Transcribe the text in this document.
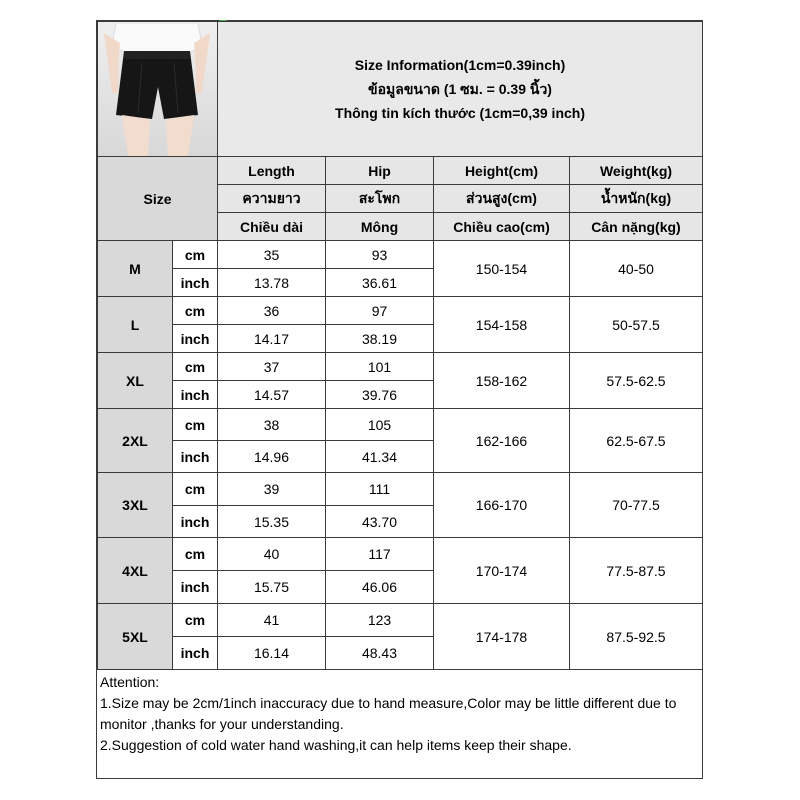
Size Information(1cm=0.39inch)
ข้อมูลขนาด (1 ซม. = 0.39 นิ้ว)
Thông tin kích thước (1cm=0,39 inch)			

Size		Length	Hip	Height(cm)	Weight(kg)
		ความยาว	สะโพก	ส่วนสูง(cm)	น้ำหนัก(kg)
		Chiều dài	Mông	Chiều cao(cm)	Cân nặng(kg)
M	cm	35	93	150-154	40-50
	inch	13.78	36.61		
L	cm	36	97	154-158	50-57.5
	inch	14.17	38.19		
XL	cm	37	101	158-162	57.5-62.5
	inch	14.57	39.76		
2XL	cm	38	105	162-166	62.5-67.5
	inch	14.96	41.34		
3XL	cm	39	111	166-170	70-77.5
	inch	15.35	43.70		
4XL	cm	40	117	170-174	77.5-87.5
	inch	15.75	46.06		
5XL	cm	41	123	174-178	87.5-92.5
	inch	16.14	48.43		

Attention:

1.Size may be 2cm/1inch inaccuracy due to hand measure,Color may be little different due to monitor ,thanks for your understanding.

2.Suggestion of cold water hand washing,it can help items keep their shape.
